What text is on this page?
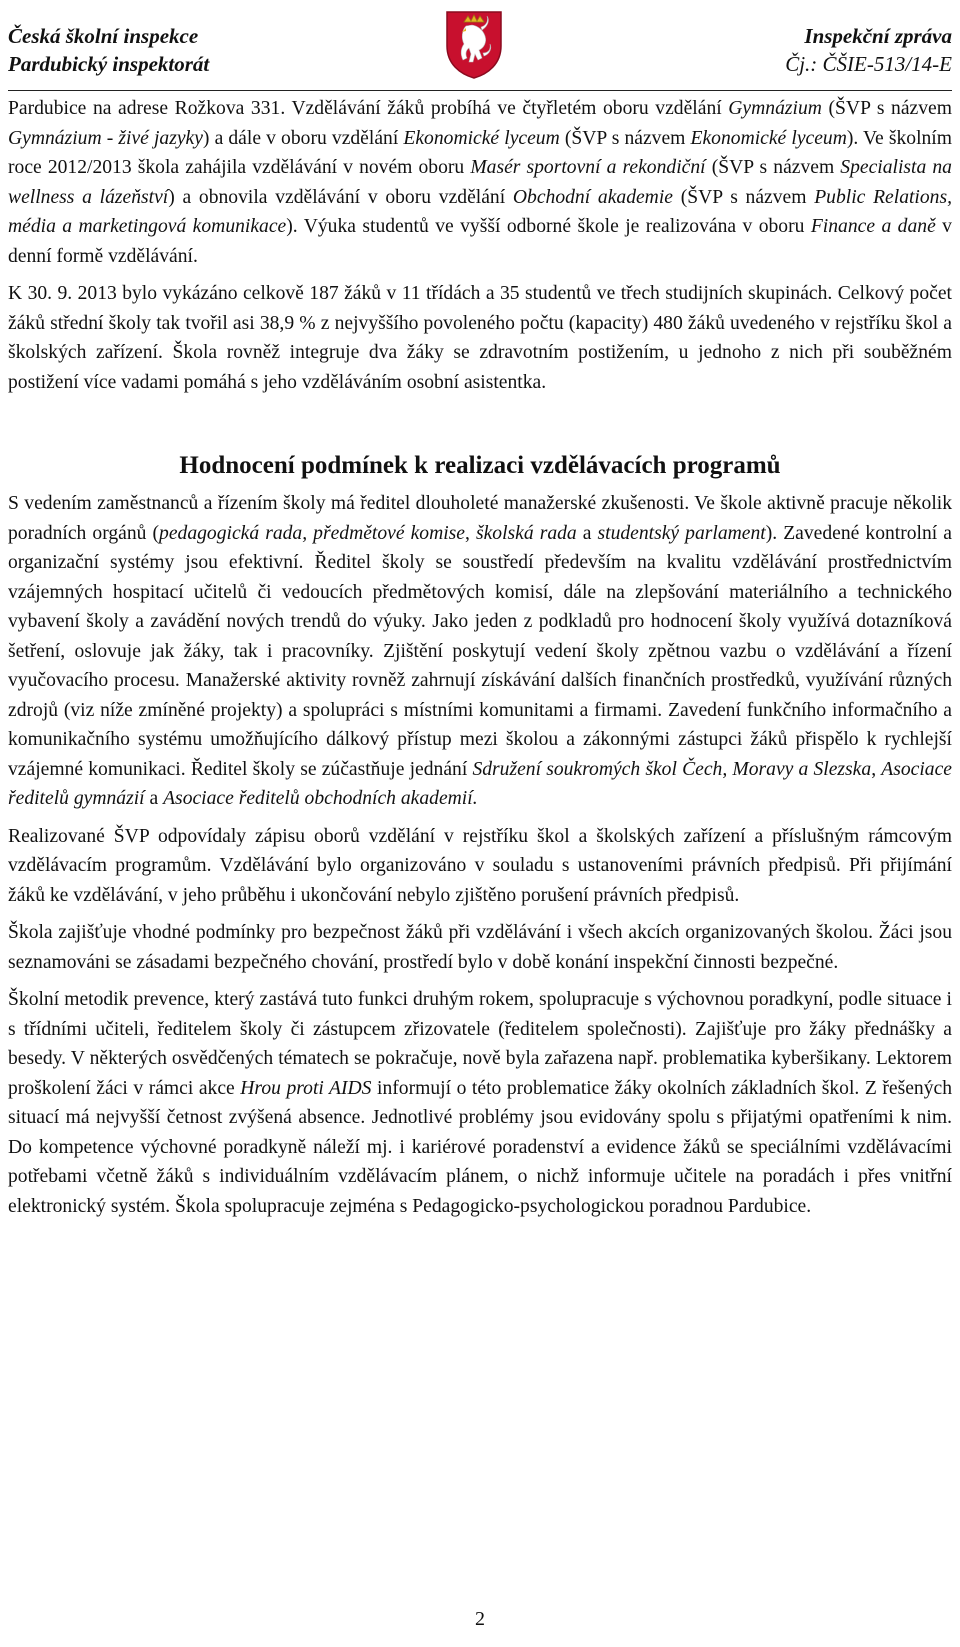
Česká školní inspekce
Pardubický inspektorát
Inspekční zpráva
Čj.: ČŠIE-513/14-E

Pardubice na adrese Rožkova 331. Vzdělávání žáků probíhá ve čtyřletém oboru vzdělání Gymnázium (ŠVP s názvem Gymnázium - živé jazyky) a dále v oboru vzdělání Ekonomické lyceum (ŠVP s názvem Ekonomické lyceum). Ve školním roce 2012/2013 škola zahájila vzdělávání v novém oboru Masér sportovní a rekondiční (ŠVP s názvem Specialista na wellness a lázeňství) a obnovila vzdělávání v oboru vzdělání Obchodní akademie (ŠVP s názvem Public Relations, média a marketingová komunikace). Výuka studentů ve vyšší odborné škole je realizována v oboru Finance a daně v denní formě vzdělávání.

K 30. 9. 2013 bylo vykázáno celkově 187 žáků v 11 třídách a 35 studentů ve třech studijních skupinách. Celkový počet žáků střední školy tak tvořil asi 38,9 % z nejvyššího povoleného počtu (kapacity) 480 žáků uvedeného v rejstříku škol a školských zařízení. Škola rovněž integruje dva žáky se zdravotním postižením, u jednoho z nich při souběžném postižení více vadami pomáhá s jeho vzděláváním osobní asistentka.

Hodnocení podmínek k realizaci vzdělávacích programů

S vedením zaměstnanců a řízením školy má ředitel dlouholeté manažerské zkušenosti. Ve škole aktivně pracuje několik poradních orgánů (pedagogická rada, předmětové komise, školská rada a studentský parlament). Zavedené kontrolní a organizační systémy jsou efektivní. Ředitel školy se soustředí především na kvalitu vzdělávání prostřednictvím vzájemných hospitací učitelů či vedoucích předmětových komisí, dále na zlepšování materiálního a technického vybavení školy a zavádění nových trendů do výuky. Jako jeden z podkladů pro hodnocení školy využívá dotazníková šetření, oslovuje jak žáky, tak i pracovníky. Zjištění poskytují vedení školy zpětnou vazbu o vzdělávání a řízení vyučovacího procesu. Manažerské aktivity rovněž zahrnují získávání dalších finančních prostředků, využívání různých zdrojů (viz níže zmíněné projekty) a spolupráci s místními komunitami a firmami. Zavedení funkčního informačního a komunikačního systému umožňujícího dálkový přístup mezi školou a zákonnými zástupci žáků přispělo k rychlejší vzájemné komunikaci. Ředitel školy se zúčastňuje jednání Sdružení soukromých škol Čech, Moravy a Slezska, Asociace ředitelů gymnázií a Asociace ředitelů obchodních akademií.

Realizované ŠVP odpovídaly zápisu oborů vzdělání v rejstříku škol a školských zařízení a příslušným rámcovým vzdělávacím programům. Vzdělávání bylo organizováno v souladu s ustanoveními právních předpisů. Při přijímání žáků ke vzdělávání, v jeho průběhu i ukončování nebylo zjištěno porušení právních předpisů.

Škola zajišťuje vhodné podmínky pro bezpečnost žáků při vzdělávání i všech akcích organizovaných školou. Žáci jsou seznamováni se zásadami bezpečného chování, prostředí bylo v době konání inspekční činnosti bezpečné.

Školní metodik prevence, který zastává tuto funkci druhým rokem, spolupracuje s výchovnou poradkyní, podle situace i s třídními učiteli, ředitelem školy či zástupcem zřizovatele (ředitelem společnosti). Zajišťuje pro žáky přednášky a besedy. V některých osvědčených tématech se pokračuje, nově byla zařazena např. problematika kyberšikany. Lektorem proškolení žáci v rámci akce Hrou proti AIDS informují o této problematice žáky okolních základních škol. Z řešených situací má nejvyšší četnost zvýšená absence. Jednotlivé problémy jsou evidovány spolu s přijatými opatřeními k nim. Do kompetence výchovné poradkyně náleží mj. i kariérové poradenství a evidence žáků se speciálními vzdělávacími potřebami včetně žáků s individuálním vzdělávacím plánem, o nichž informuje učitele na poradách i přes vnitřní elektronický systém. Škola spolupracuje zejména s Pedagogicko-psychologickou poradnou Pardubice.

2
